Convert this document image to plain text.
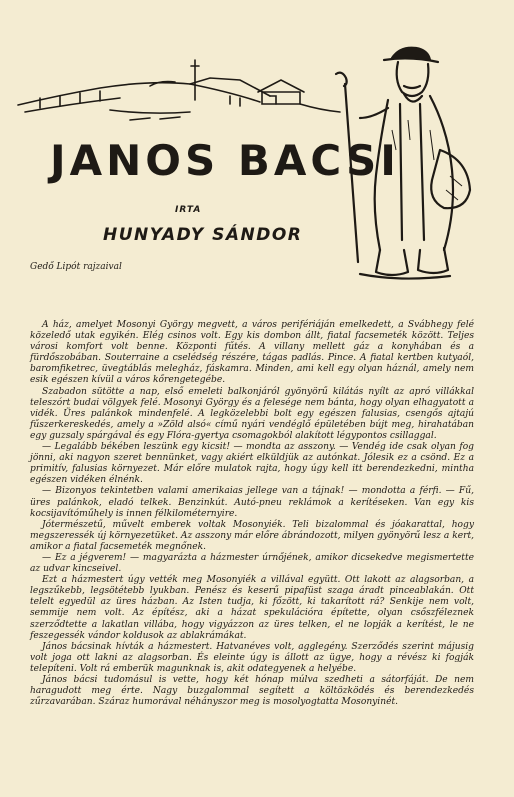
JANOS BACSI
IRTA
HUNYADY SÁNDOR
Gedő Lipót rajzaival

A ház, amelyet Mosonyi György megvett, a város perifériáján emelkedett, a Svábhegy felé közeledő utak egyikén. Elég csinos volt. Egy kis dombon állt, fiatal facsemeték között. Teljes városi komfort volt benne. Központi fűtés. A villany mellett gáz a konyhában és a fürdőszobában. Souterraine a cselédség részére, tágas padlás. Pince. A fiatal kertben kutyaól, baromfiketrec, üvegtáblás melegház, fáskamra. Minden, ami kell egy olyan háznál, amely nem esik egészen kívül a város kőrengetegébe.

Szabadon sütötte a nap, első emeleti balkonjáról gyönyörű kilátás nyílt az apró villákkal teleszórt budai völgyek felé. Mosonyi György és a felesége nem bánta, hogy olyan elhagyatott a vidék. Üres palánkok mindenfelé. A legközelebbi bolt egy egészen falusias, csengős ajtajú fűszerkereskedés, amely a »Zöld alsó« című nyári vendéglő épületében bújt meg, hirahatában egy guzsaly spárgával és egy Flóra-gyertya csomagokból alakított légypontos csillaggal.

— Legalább békében leszünk egy kicsit! — mondta az asszony. — Vendég ide csak olyan fog jönni, aki nagyon szeret bennünket, vagy akiért elküldjük az autónkat. Jólesik ez a csönd. Ez a primitív, falusias környezet. Már előre mulatok rajta, hogy úgy kell itt berendezkedni, mintha egészen vidéken élnénk.

— Bizonyos tekintetben valami amerikaias jellege van a tájnak! — mondotta a férfi. — Fű, üres palánkok, eladó telkek. Benzinkút. Autó-pneu reklámok a kerítéseken. Van egy kis kocsijavítóműhely is innen félkilométernyire.

Jótermészetű, művelt emberek voltak Mosonyiék. Teli bizalommal és jóakarattal, hogy megszeressék új környezetüket. Az asszony már előre ábrándozott, milyen gyönyörű lesz a kert, amikor a fiatal facsemeték megnőnek.

— Ez a jégverem! — magyarázta a házmester úrnőjének, amikor dicsekedve megismertette az udvar kincseivel.

Ezt a házmestert úgy vették meg Mosonyiék a villával együtt. Ott lakott az alagsorban, a legszűkebb, legsötétebb lyukban. Penész és keserű pipafüst szaga áradt pinceablakán. Ott telelt egyedül az üres házban. Az Isten tudja, ki főzött, ki takarított rá? Senkije nem volt, semmije nem volt. Az építész, aki a házat spekulációra építette, olyan csőszféleznek szerződtette a lakatlan villába, hogy vigyázzon az üres telken, el ne lopják a kerítést, le ne feszegessék vándor koldusok az ablakrámákat.

János bácsinak hívták a házmestert. Hatvanéves volt, agglegény. Szerződés szerint májusig volt joga ott lakni az alagsorban. És eleinte úgy is állott az ügye, hogy a révész ki fogják telepíteni. Volt rá emberük magunknak is, akit odategyenek a helyébe.

János bácsi tudomásul is vette, hogy két hónap múlva szedheti a sátorfáját. De nem haragudott meg érte. Nagy buzgalommal segített a költözködés és berendezkedés zűrzavarában. Száraz humorával néhányszor meg is mosolyogtatta Mosonyinét.
